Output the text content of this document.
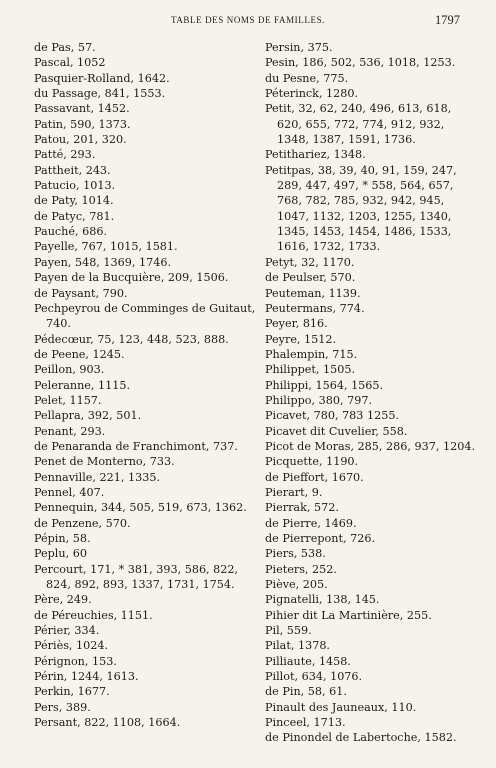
TABLE DES NOMS DE FAMILLES.	1797
de Pas, 57.
Pascal, 1052
Pasquier-Rolland, 1642.
du Passage, 841, 1553.
Passavant, 1452.
Patin, 590, 1373.
Patou, 201, 320.
Patté, 293.
Pattheit, 243.
Patucio, 1013.
de Paty, 1014.
de Patyc, 781.
Pauché, 686.
Payelle, 767, 1015, 1581.
Payen, 548, 1369, 1746.
Payen de la Bucquière, 209, 1506.
de Paysant, 790.
Pechpeyrou de Comminges de Guitaut, 740.
Pédecœur, 75, 123, 448, 523, 888.
de Peene, 1245.
Peillon, 903.
Peleranne, 1115.
Pelet, 1157.
Pellapra, 392, 501.
Penant, 293.
de Penaranda de Franchimont, 737.
Penet de Monterno, 733.
Pennaville, 221, 1335.
Pennel, 407.
Pennequin, 344, 505, 519, 673, 1362.
de Penzene, 570.
Pépin, 58.
Peplu, 60
Percourt, 171, * 381, 393, 586, 822, 824, 892, 893, 1337, 1731, 1754.
Père, 249.
de Péreuchies, 1151.
Périer, 334.
Périès, 1024.
Pérignon, 153.
Périn, 1244, 1613.
Perkin, 1677.
Pers, 389.
Persant, 822, 1108, 1664.
Persin, 375.
Pesin, 186, 502, 536, 1018, 1253.
du Pesne, 775.
Péterinck, 1280.
Petit, 32, 62, 240, 496, 613, 618, 620, 655, 772, 774, 912, 932, 1348, 1387, 1591, 1736.
Petithariez, 1348.
Petitpas, 38, 39, 40, 91, 159, 247, 289, 447, 497, * 558, 564, 657, 768, 782, 785, 932, 942, 945, 1047, 1132, 1203, 1255, 1340, 1345, 1453, 1454, 1486, 1533, 1616, 1732, 1733.
Petyt, 32, 1170.
de Peulser, 570.
Peuteman, 1139.
Peutermans, 774.
Peyer, 816.
Peyre, 1512.
Phalempin, 715.
Philippet, 1505.
Philippi, 1564, 1565.
Philippo, 380, 797.
Picavet, 780, 783 1255.
Picavet dit Cuvelier, 558.
Picot de Moras, 285, 286, 937, 1204.
Picquette, 1190.
de Pieffort, 1670.
Pierart, 9.
Pierrak, 572.
de Pierre, 1469.
de Pierrepont, 726.
Piers, 538.
Pieters, 252.
Piève, 205.
Pignatelli, 138, 145.
Pihier dit La Martinière, 255.
Pil, 559.
Pilat, 1378.
Pilliaute, 1458.
Pillot, 634, 1076.
de Pin, 58, 61.
Pinault des Jauneaux, 110.
Pinceel, 1713.
de Pinondel de Labertoche, 1582.
